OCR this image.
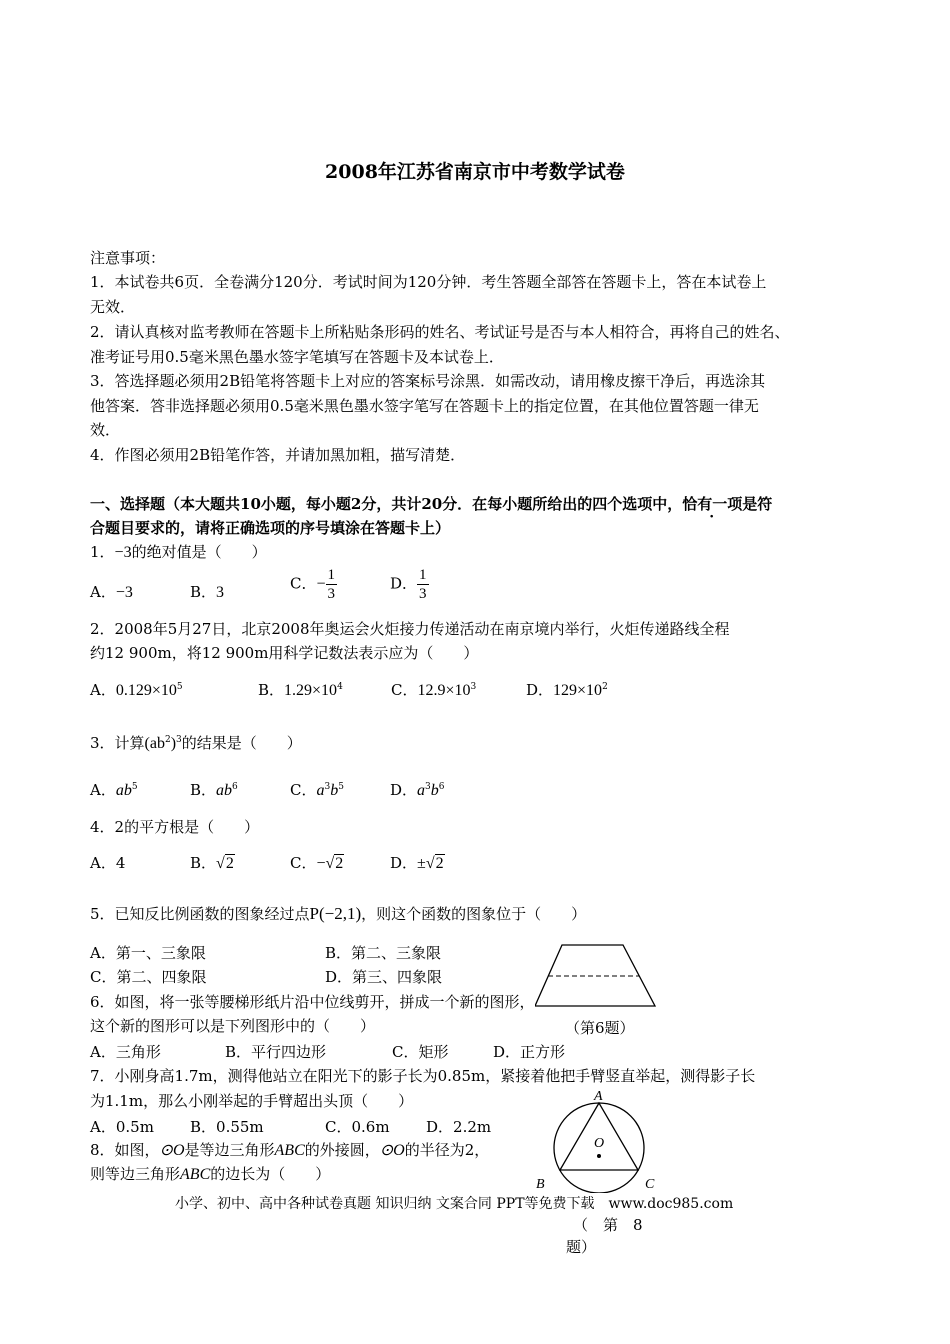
2008年江苏省南京市中考数学试卷
注意事项：
1．本试卷共6页．全卷满分120分．考试时间为120分钟．考生答题全部答在答题卡上，答在本试卷上
无效．
2．请认真核对监考教师在答题卡上所粘贴条形码的姓名、考试证号是否与本人相符合，再将自己的姓名、
准考证号用0.5毫米黑色墨水签字笔填写在答题卡及本试卷上．
3．答选择题必须用2B铅笔将答题卡上对应的答案标号涂黑．如需改动，请用橡皮擦干净后，再选涂其
他答案．答非选择题必须用0.5毫米黑色墨水签字笔写在答题卡上的指定位置，在其他位置答题一律无
效．
4．作图必须用2B铅笔作答，并请加黑加粗，描写清楚．
一、选择题（本大题共10小题，每小题2分，共计20分．在每小题所给出的四个选项中，恰有一项是符
合题目要求的，请将正确选项的序号填涂在答题卡上）
1．−3的绝对值是（　　）
A．−3	B．3	C．− $\frac{1}{3}$	D． $\frac{1}{3}$
2．2008年5月27日，北京2008年奥运会火炬接力传递活动在南京境内举行，火炬传递路线全程
约12 900m，将12 900m用科学记数法表示应为（　　）
A．$0.129\times 10^5$	B．$1.29\times 10^4$	C．$12.9\times 10^3$	D．$129\times 10^2$
3．计算$(ab^2)^3$的结果是（　　）
A．$ab^5$	B．$ab^6$	C．$a^3b^5$	D．$a^3b^6$
4．2的平方根是（　　）
A．4	B．√2	C．−√2	D．±√2
5．已知反比例函数的图象经过点P(−2,1)，则这个函数的图象位于（　　）
A．第一、三象限	B．第二、三象限
C．第二、四象限	D．第三、四象限
6．如图，将一张等腰梯形纸片沿中位线剪开，拼成一个新的图形，
这个新的图形可以是下列图形中的（　　）	（第6题）
A．三角形	B．平行四边形	C．矩形	D．正方形
7．小刚身高1.7m，测得他站立在阳光下的影子长为0.85m，紧接着他把手臂竖直举起，测得影子长
为1.1m，那么小刚举起的手臂超出头顶（　　）
A．0.5m B．0.55m	C．0.6m D．2.2m
A
O
B	C
8．如图，⊙O是等边三角形ABC的外接圆，⊙O的半径为2，
则等边三角形ABC的边长为（　　）
小学、初中、高中各种试卷真题 知识归纳 文案合同 PPT等免费下载　www.doc985.com
（　第　8
题）
